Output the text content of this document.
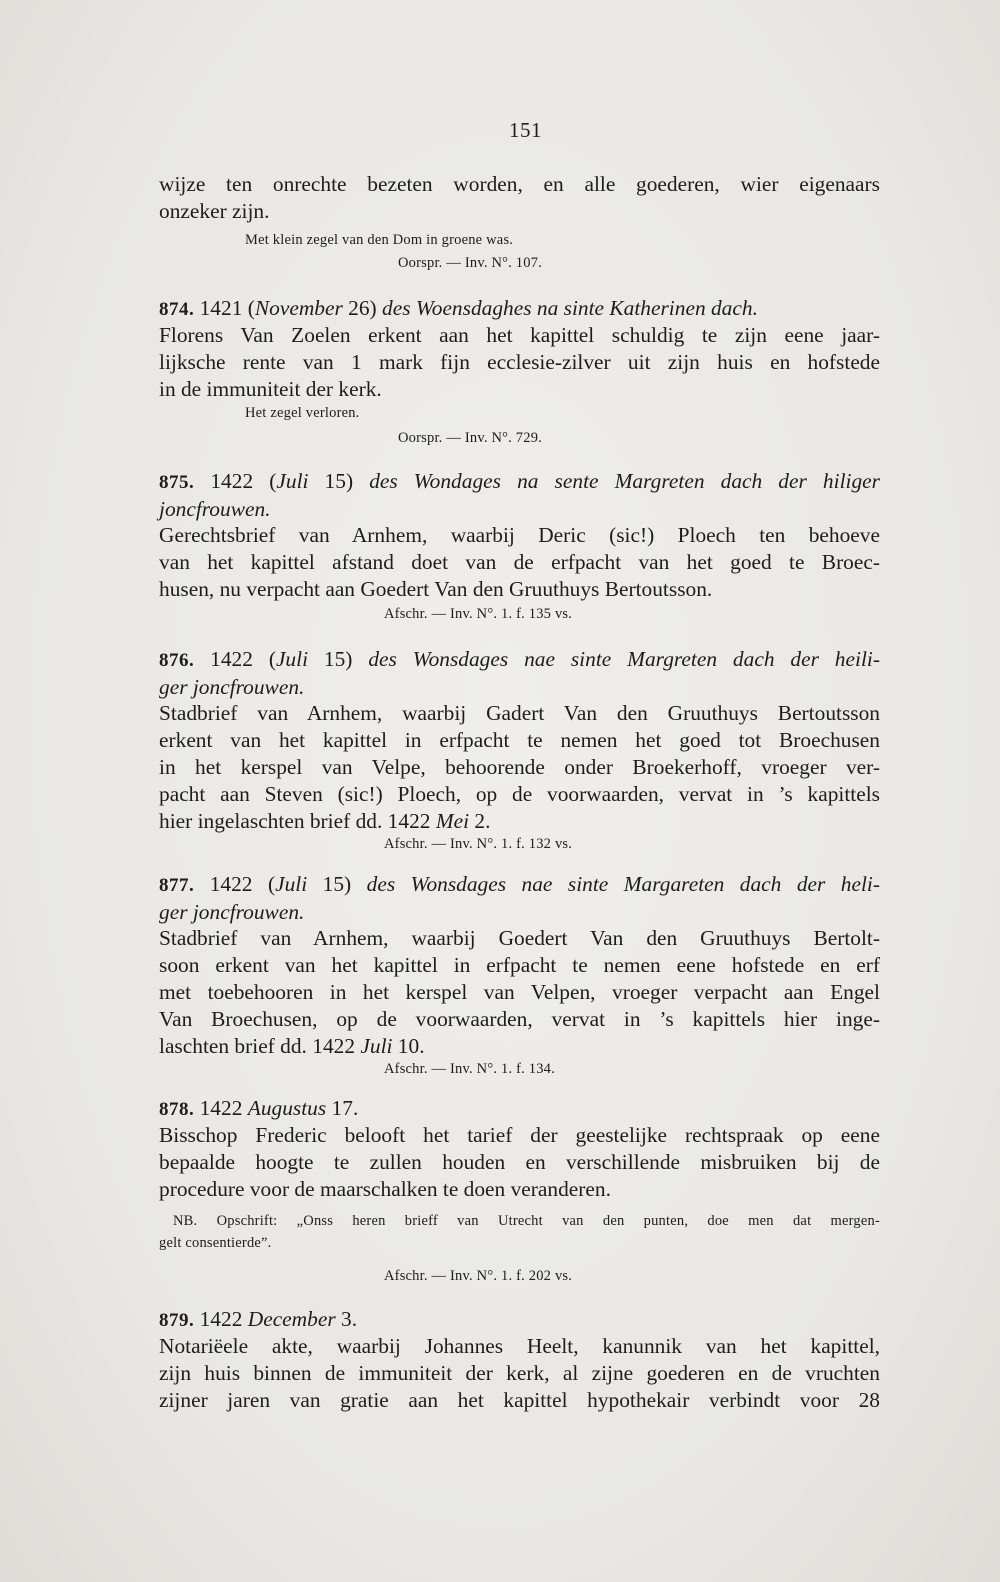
151
wijze ten onrechte bezeten worden, en alle goederen, wier eigenaars
onzeker zijn.
Met klein zegel van den Dom in groene was.
Oorspr. — Inv. N°. 107.
874. 1421 (November 26) des Woensdaghes na sinte Katherinen dach.
Florens Van Zoelen erkent aan het kapittel schuldig te zijn eene jaar-
lijksche rente van 1 mark fijn ecclesie-zilver uit zijn huis en hofstede
in de immuniteit der kerk.
Het zegel verloren.
Oorspr. — Inv. N°. 729.
875. 1422 (Juli 15) des Wondages na sente Margreten dach der hiliger
joncfrouwen.
Gerechtsbrief van Arnhem, waarbij Deric (sic!) Ploech ten behoeve
van het kapittel afstand doet van de erfpacht van het goed te Broec-
husen, nu verpacht aan Goedert Van den Gruuthuys Bertoutsson.
Afschr. — Inv. N°. 1. f. 135 vs.
876. 1422 (Juli 15) des Wonsdages nae sinte Margreten dach der heili-
ger joncfrouwen.
Stadbrief van Arnhem, waarbij Gadert Van den Gruuthuys Bertoutsson
erkent van het kapittel in erfpacht te nemen het goed tot Broechusen
in het kerspel van Velpe, behoorende onder Broekerhoff, vroeger ver-
pacht aan Steven (sic!) Ploech, op de voorwaarden, vervat in ’s kapittels
hier ingelaschten brief dd. 1422 Mei 2.
Afschr. — Inv. N°. 1. f. 132 vs.
877. 1422 (Juli 15) des Wonsdages nae sinte Margareten dach der heli-
ger joncfrouwen.
Stadbrief van Arnhem, waarbij Goedert Van den Gruuthuys Bertolt-
soon erkent van het kapittel in erfpacht te nemen eene hofstede en erf
met toebehooren in het kerspel van Velpen, vroeger verpacht aan Engel
Van Broechusen, op de voorwaarden, vervat in ’s kapittels hier inge-
laschten brief dd. 1422 Juli 10.
Afschr. — Inv. N°. 1. f. 134.
878. 1422 Augustus 17.
Bisschop Frederic belooft het tarief der geestelijke rechtspraak op eene
bepaalde hoogte te zullen houden en verschillende misbruiken bij de
procedure voor de maarschalken te doen veranderen.
NB. Opschrift: „Onss heren brieff van Utrecht van den punten, doe men dat mergen-
gelt consentierde”.
Afschr. — Inv. N°. 1. f. 202 vs.
879. 1422 December 3.
Notariëele akte, waarbij Johannes Heelt, kanunnik van het kapittel,
zijn huis binnen de immuniteit der kerk, al zijne goederen en de vruchten
zijner jaren van gratie aan het kapittel hypothekair verbindt voor 28
